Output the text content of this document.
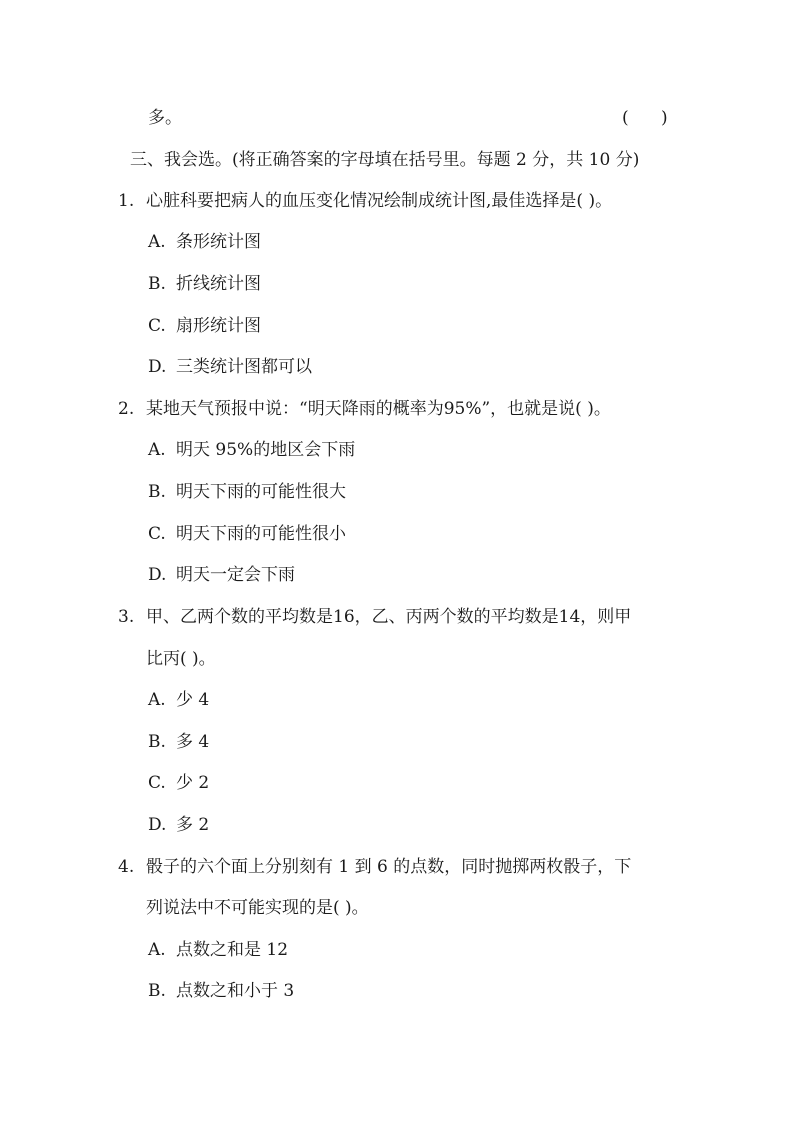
多。	(      )
三、我会选。(将正确答案的字母填在括号里。每题 2 分，共 10 分)
1. 心脏科要把病人的血压变化情况绘制成统计图,最佳选择是( )。
A. 条形统计图
B. 折线统计图
C. 扇形统计图
D. 三类统计图都可以
2. 某地天气预报中说：“明天降雨的概率为95%”，也就是说( )。
A. 明天 95%的地区会下雨
B. 明天下雨的可能性很大
C. 明天下雨的可能性很小
D. 明天一定会下雨
3. 甲、乙两个数的平均数是16，乙、丙两个数的平均数是14，则甲
比丙( )。
A. 少 4
B. 多 4
C. 少 2
D. 多 2
4. 骰子的六个面上分别刻有 1 到 6 的点数，同时抛掷两枚骰子，下
列说法中不可能实现的是( )。
A. 点数之和是 12
B. 点数之和小于 3
